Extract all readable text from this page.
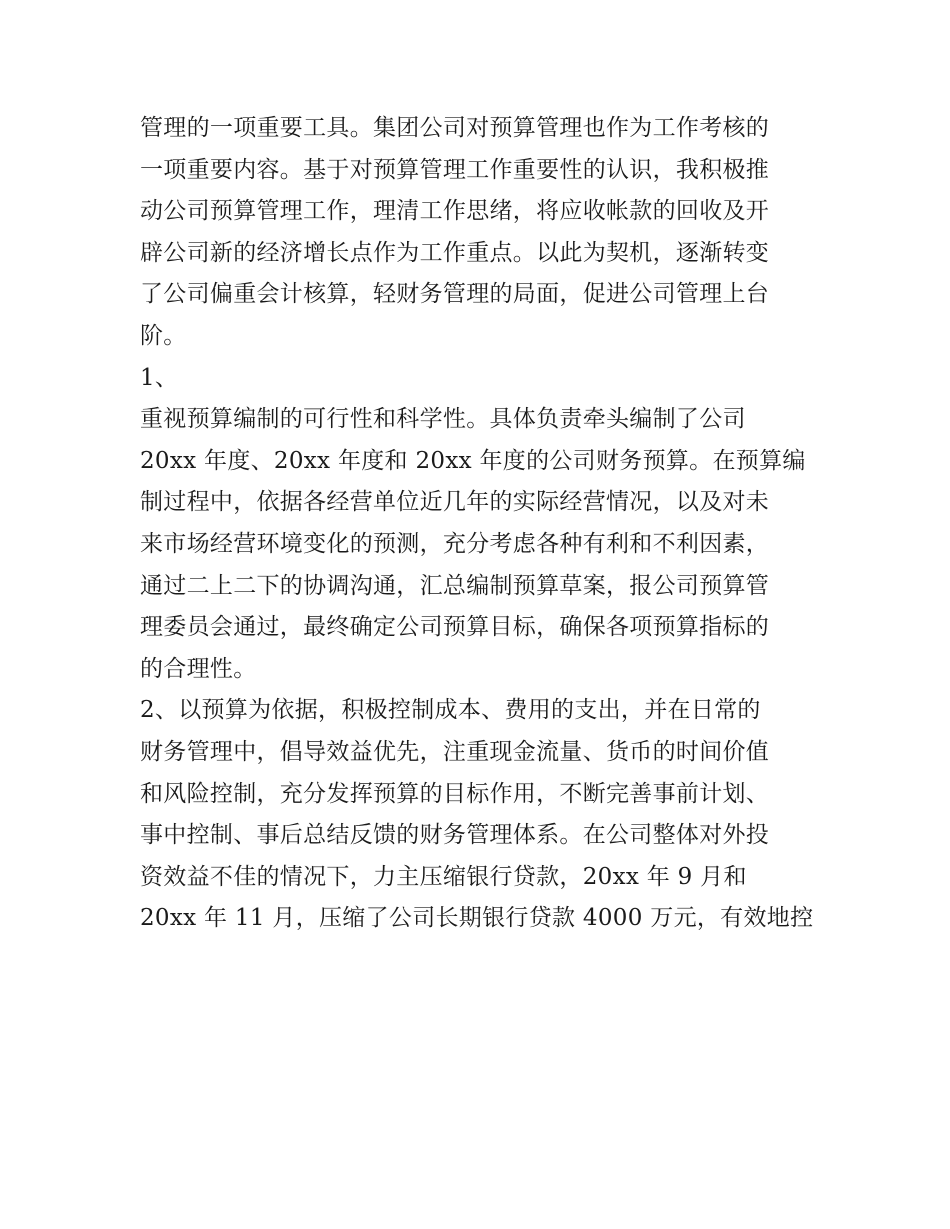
管理的一项重要工具。集团公司对预算管理也作为工作考核的
一项重要内容。基于对预算管理工作重要性的认识，我积极推
动公司预算管理工作，理清工作思绪，将应收帐款的回收及开
辟公司新的经济增长点作为工作重点。以此为契机，逐渐转变
了公司偏重会计核算，轻财务管理的局面，促进公司管理上台
阶。
1、
重视预算编制的可行性和科学性。具体负责牵头编制了公司
20xx 年度、20xx 年度和 20xx 年度的公司财务预算。在预算编
制过程中，依据各经营单位近几年的实际经营情况，以及对未
来市场经营环境变化的预测，充分考虑各种有利和不利因素，
通过二上二下的协调沟通，汇总编制预算草案，报公司预算管
理委员会通过，最终确定公司预算目标，确保各项预算指标的
的合理性。
2、以预算为依据，积极控制成本、费用的支出，并在日常的
财务管理中，倡导效益优先，注重现金流量、货币的时间价值
和风险控制，充分发挥预算的目标作用，不断完善事前计划、
事中控制、事后总结反馈的财务管理体系。在公司整体对外投
资效益不佳的情况下，力主压缩银行贷款，20xx 年 9 月和
20xx 年 11 月，压缩了公司长期银行贷款 4000 万元，有效地控
